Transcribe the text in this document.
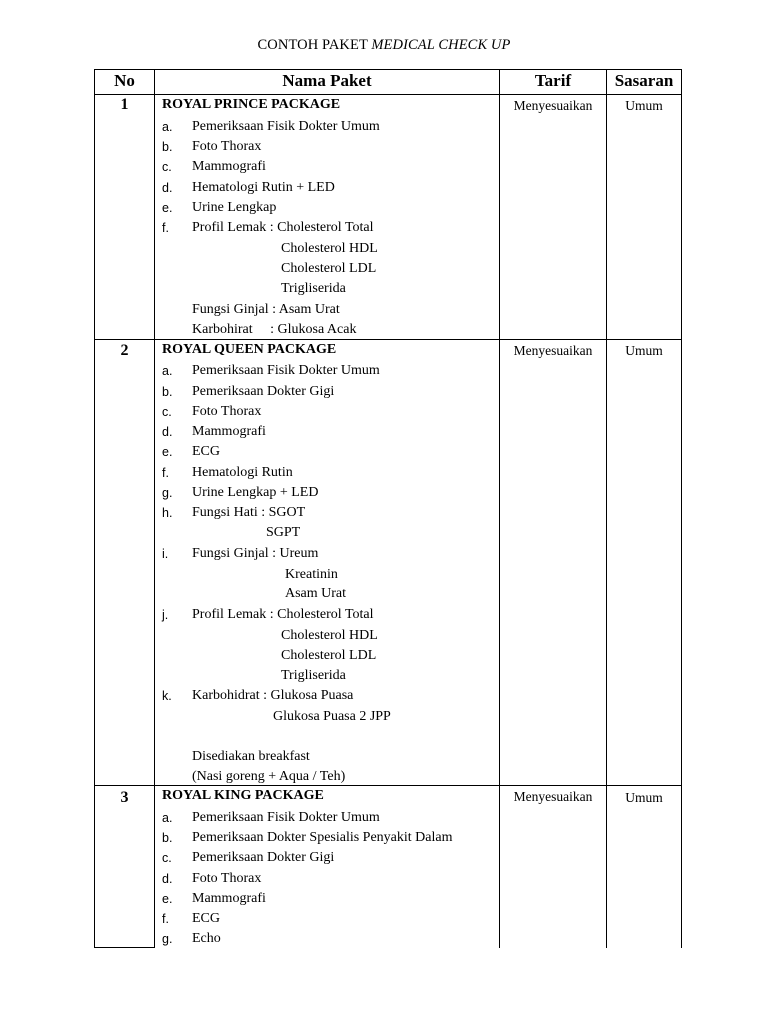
CONTOH PAKET MEDICAL CHECK UP
No	Nama Paket	Tarif	Sasaran
1	ROYAL PRINCE PACKAGE	Menyesuaikan	Umum
a. Pemeriksaan Fisik Dokter Umum
b. Foto Thorax
c. Mammografi
d. Hematologi Rutin + LED
e. Urine Lengkap
f. Profil Lemak : Cholesterol Total
Cholesterol HDL
Cholesterol LDL
Trigliserida
Fungsi Ginjal : Asam Urat
Karbohirat     : Glukosa Acak
2	ROYAL QUEEN PACKAGE	Menyesuaikan	Umum
a. Pemeriksaan Fisik Dokter Umum
b. Pemeriksaan Dokter Gigi
c. Foto Thorax
d. Mammografi
e. ECG
f. Hematologi Rutin
g. Urine Lengkap + LED
h. Fungsi Hati : SGOT
SGPT
i. Fungsi Ginjal : Ureum
Kreatinin
Asam Urat
j. Profil Lemak : Cholesterol Total
Cholesterol HDL
Cholesterol LDL
Trigliserida
k. Karbohidrat : Glukosa Puasa
Glukosa Puasa 2 JPP
Disediakan breakfast
(Nasi goreng + Aqua / Teh)
3	ROYAL KING PACKAGE	Menyesuaikan	Umum
a. Pemeriksaan Fisik Dokter Umum
b. Pemeriksaan Dokter Spesialis Penyakit Dalam
c. Pemeriksaan Dokter Gigi
d. Foto Thorax
e. Mammografi
f. ECG
g. Echo
